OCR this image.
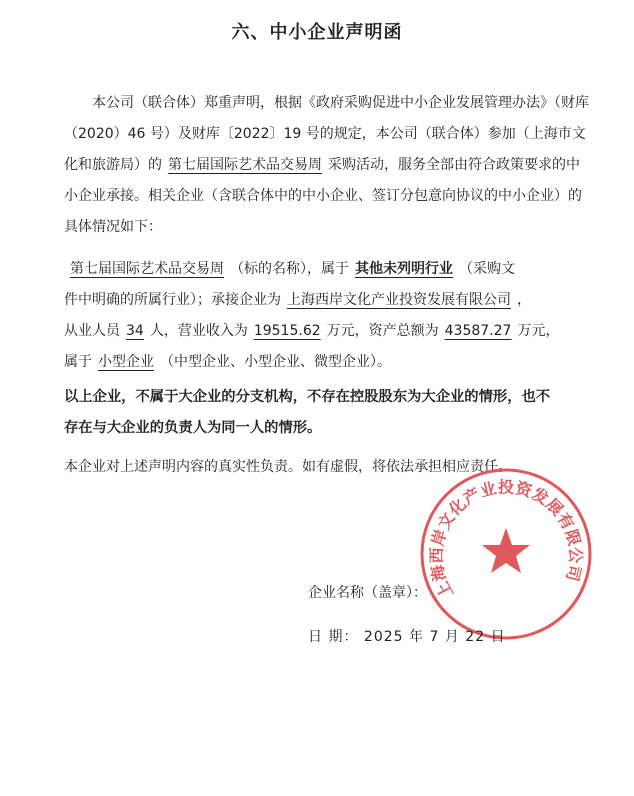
六、中小企业声明函

本公司（联合体）郑重声明，根据《政府采购促进中小企业发展管理办法》（财库（2020）46 号）及财库〔2022〕19 号的规定，本公司（联合体）参加（上海市文化和旅游局）的 第七届国际艺术品交易周 采购活动，服务全部由符合政策要求的中小企业承接。相关企业（含联合体中的中小企业、签订分包意向协议的中小企业）的具体情况如下：

第七届国际艺术品交易周 （标的名称），属于 其他未列明行业 （采购文
件中明确的所属行业）；承接企业为 上海西岸文化产业投资发展有限公司 ，
从业人员 34 人，营业收入为 19515.62 万元，资产总额为 43587.27 万元，
属于 小型企业 （中型企业、小型企业、微型企业）。
以上企业，不属于大企业的分支机构，不存在控股股东为大企业的情形，也不
存在与大企业的负责人为同一人的情形。
本企业对上述声明内容的真实性负责。如有虚假，将依法承担相应责任。
上海西岸文化产业投资发展有限公司
企业名称（盖章）：
日 期： 2025 年 7 月 22 日
